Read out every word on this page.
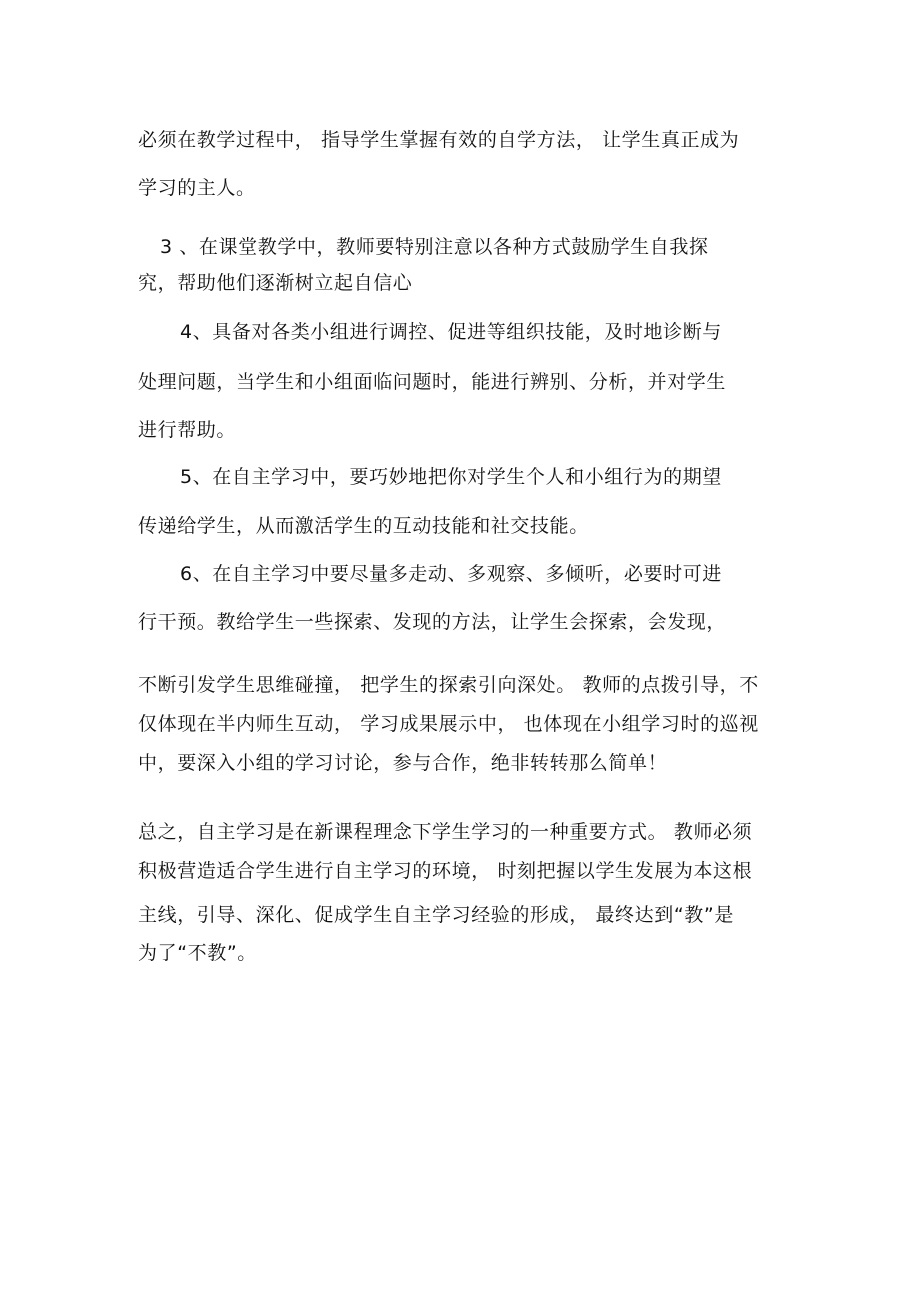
必须在教学过程中， 指导学生掌握有效的自学方法， 让学生真正成为
学习的主人。
3 、在课堂教学中，教师要特别注意以各种方式鼓励学生自我探
究，帮助他们逐渐树立起自信心
4、具备对各类小组进行调控、促进等组织技能，及时地诊断与
处理问题，当学生和小组面临问题时，能进行辨别、分析，并对学生
进行帮助。
5、在自主学习中，要巧妙地把你对学生个人和小组行为的期望
传递给学生，从而激活学生的互动技能和社交技能。
6、在自主学习中要尽量多走动、多观察、多倾听，必要时可进
行干预。教给学生一些探索、发现的方法，让学生会探索，会发现，
不断引发学生思维碰撞， 把学生的探索引向深处。 教师的点拨引导，不
仅体现在半内师生互动， 学习成果展示中， 也体现在小组学习时的巡视
中，要深入小组的学习讨论，参与合作，绝非转转那么简单！
总之，自主学习是在新课程理念下学生学习的一种重要方式。 教师必须
积极营造适合学生进行自主学习的环境， 时刻把握以学生发展为本这根
主线，引导、深化、促成学生自主学习经验的形成， 最终达到“教”是
为了“不教”。
